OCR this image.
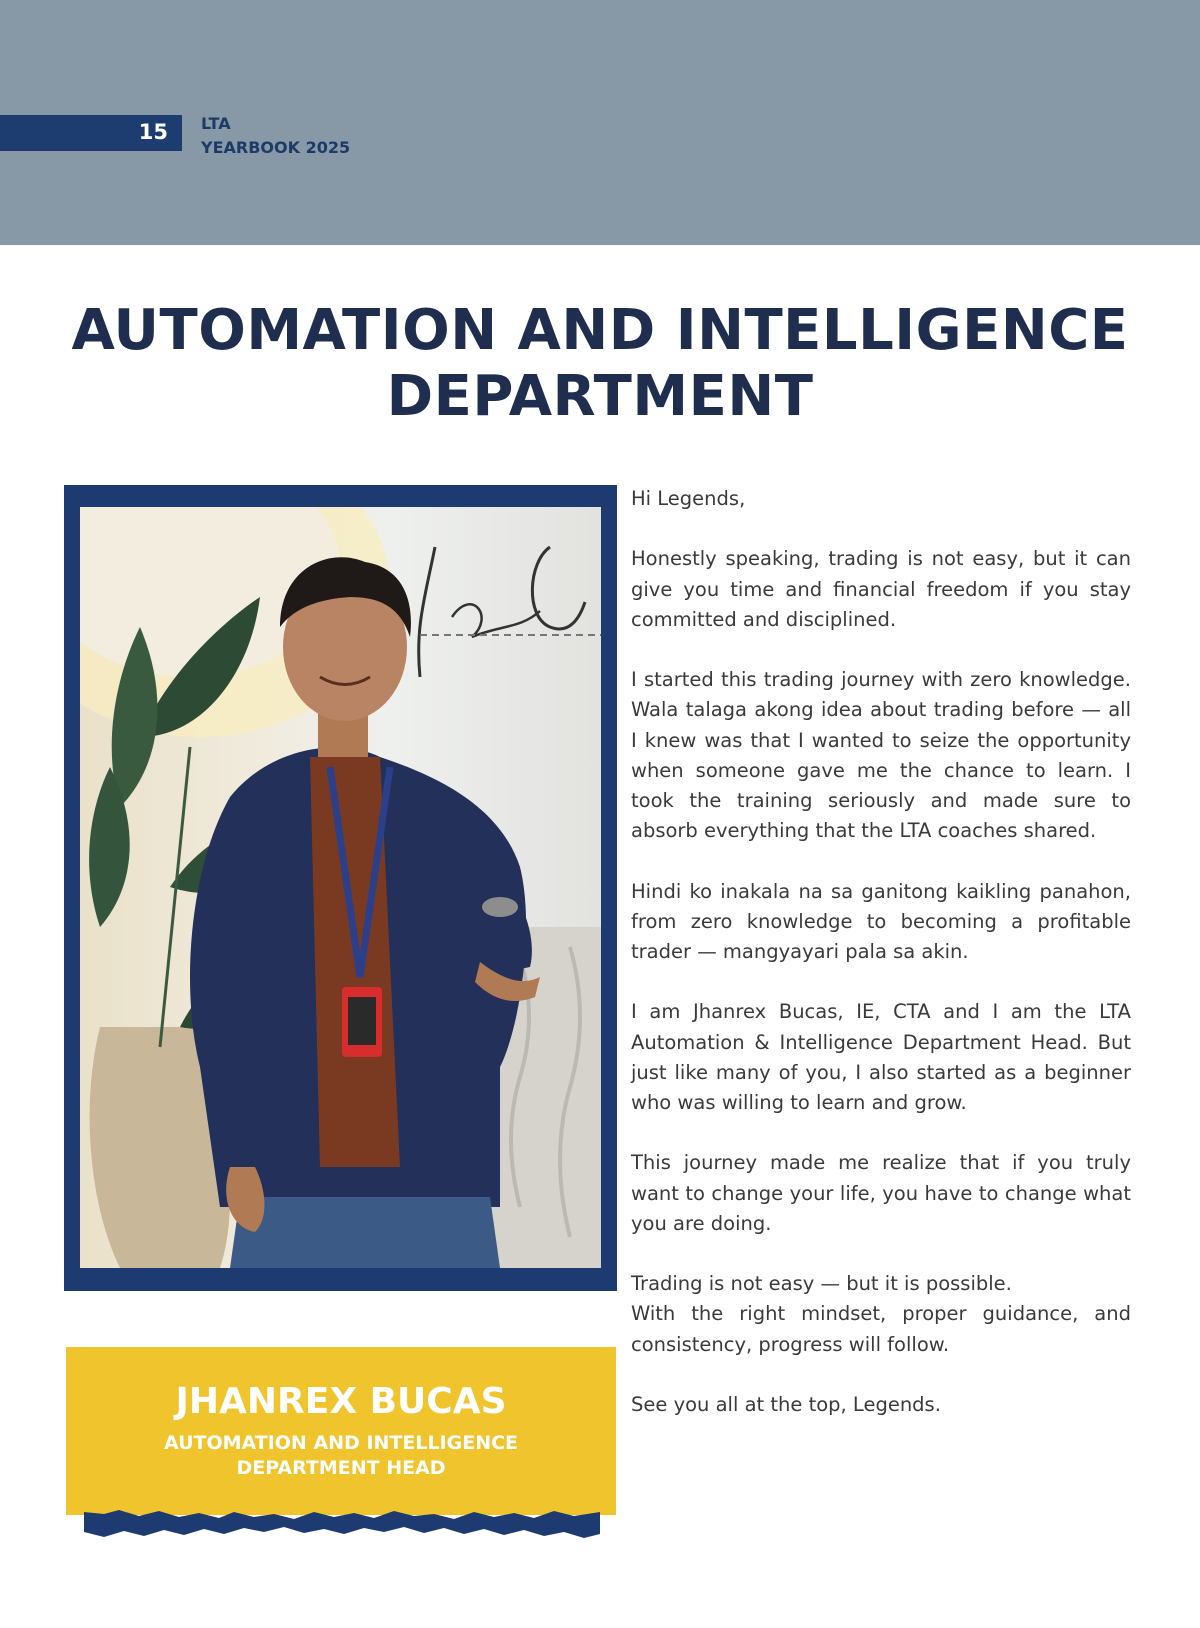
15 LTA
YEARBOOK 2025
AUTOMATION AND INTELLIGENCE
DEPARTMENT
JHANREX BUCAS
AUTOMATION AND INTELLIGENCE
DEPARTMENT HEAD

Hi Legends,

Honestly speaking, trading is not easy, but it can give you time and financial freedom if you stay committed and disciplined.

I started this trading journey with zero knowledge. Wala talaga akong idea about trading before — all I knew was that I wanted to seize the opportunity when someone gave me the chance to learn. I took the training seriously and made sure to absorb everything that the LTA coaches shared.

Hindi ko inakala na sa ganitong kaikling panahon, from zero knowledge to becoming a profitable trader — mangyayari pala sa akin.

I am Jhanrex Bucas, IE, CTA and I am the LTA Automation & Intelligence Department Head. But just like many of you, I also started as a beginner who was willing to learn and grow.

This journey made me realize that if you truly want to change your life, you have to change what you are doing.

Trading is not easy — but it is possible.

With the right mindset, proper guidance, and consistency, progress will follow.

See you all at the top, Legends.
